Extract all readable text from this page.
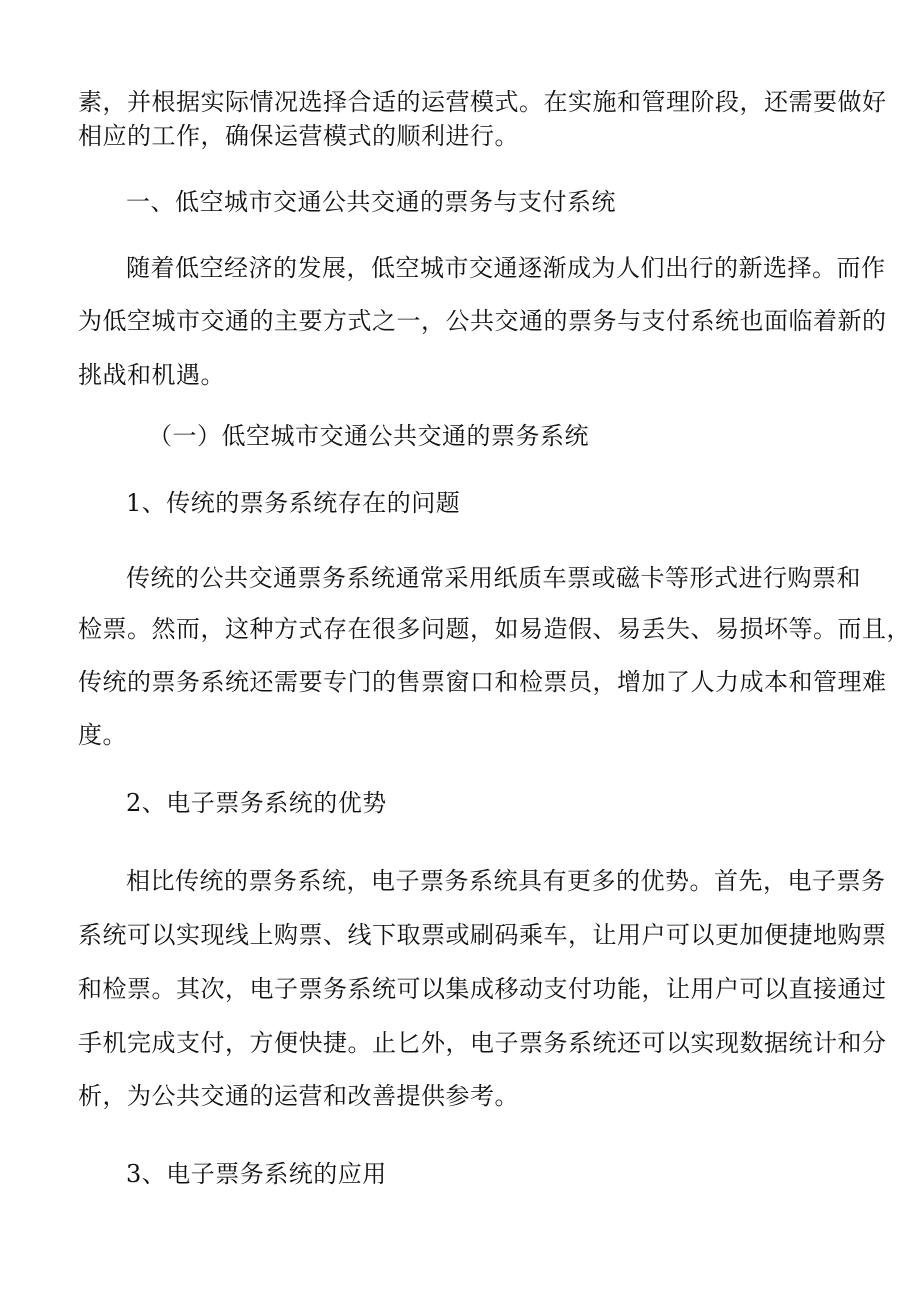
素，并根据实际情况选择合适的运营模式。在实施和管理阶段，还需要做好
相应的工作，确保运营模式的顺利进行。
一、低空城市交通公共交通的票务与支付系统
随着低空经济的发展，低空城市交通逐渐成为人们出行的新选择。而作
为低空城市交通的主要方式之一，公共交通的票务与支付系统也面临着新的
挑战和机遇。
（一）低空城市交通公共交通的票务系统
1、传统的票务系统存在的问题
传统的公共交通票务系统通常采用纸质车票或磁卡等形式进行购票和
检票。然而，这种方式存在很多问题，如易造假、易丢失、易损坏等。而且，
传统的票务系统还需要专门的售票窗口和检票员，增加了人力成本和管理难
度。
2、电子票务系统的优势
相比传统的票务系统，电子票务系统具有更多的优势。首先，电子票务
系统可以实现线上购票、线下取票或刷码乘车，让用户可以更加便捷地购票
和检票。其次，电子票务系统可以集成移动支付功能，让用户可以直接通过
手机完成支付，方便快捷。止匕外，电子票务系统还可以实现数据统计和分
析，为公共交通的运营和改善提供参考。
3、电子票务系统的应用
